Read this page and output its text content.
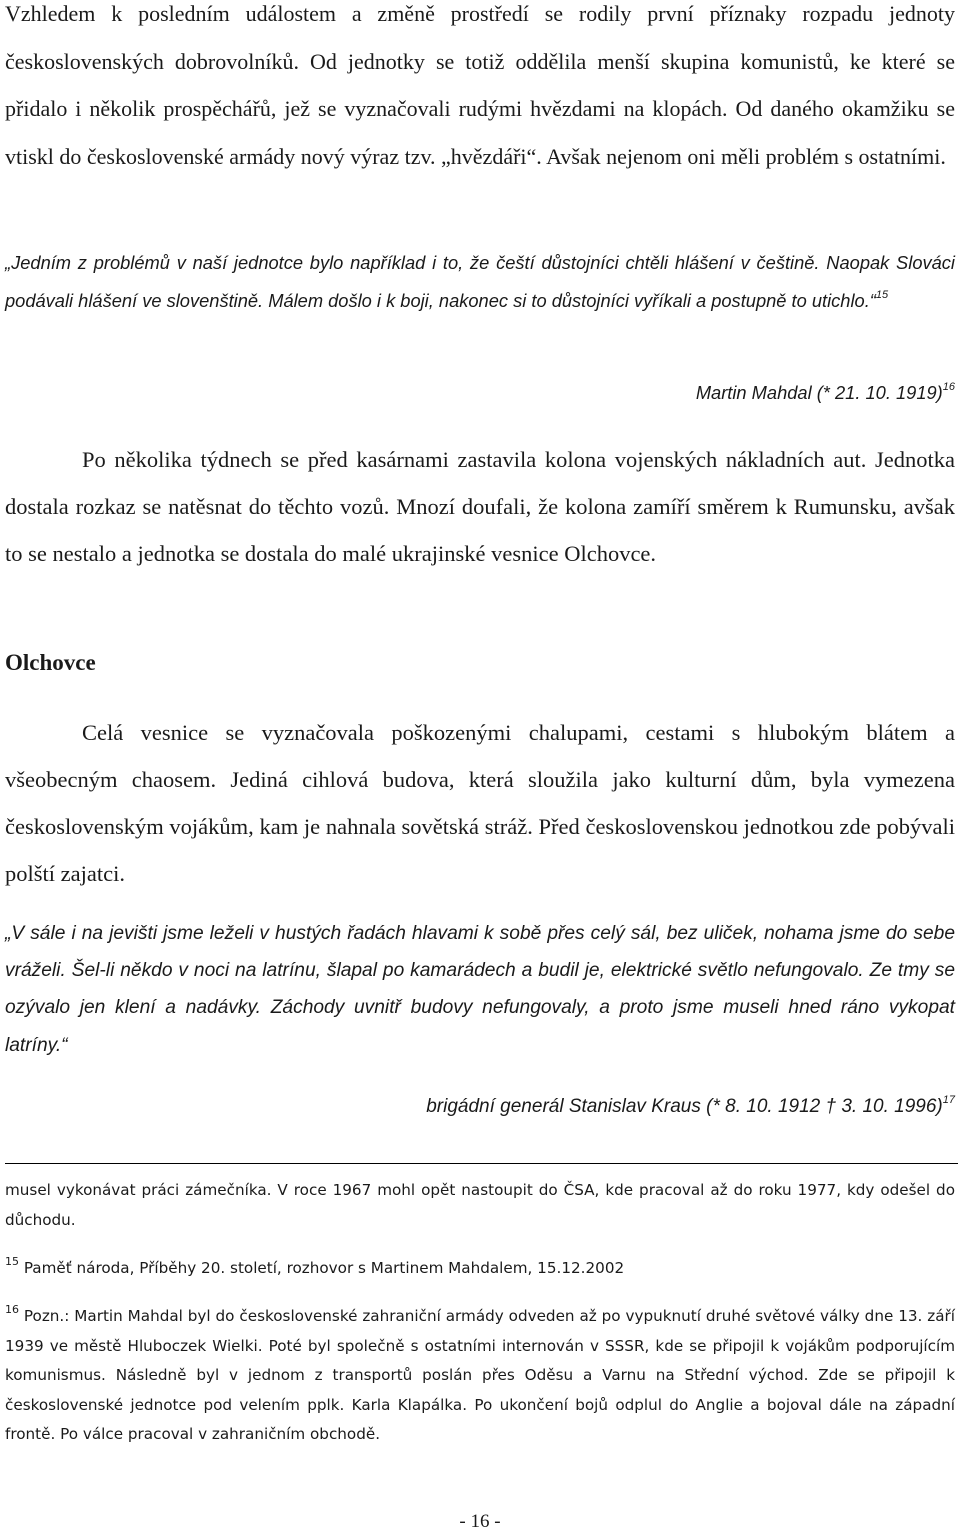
Vzhledem k posledním událostem a změně prostředí se rodily první příznaky rozpadu jednoty československých dobrovolníků. Od jednotky se totiž oddělila menší skupina komunistů, ke které se přidalo i několik prospěchářů, jež se vyznačovali rudými hvězdami na klopách. Od daného okamžiku se vtiskl do československé armády nový výraz tzv. „hvězdáři“. Avšak nejenom oni měli problém s ostatními.

„Jedním z problémů v naší jednotce bylo například i to, že čeští důstojníci chtěli hlášení v češtině. Naopak Slováci podávali hlášení ve slovenštině. Málem došlo i k boji, nakonec si to důstojníci vyříkali a postupně to utichlo.“$^{15}$

Martin Mahdal (* 21. 10. 1919)$^{16}$

Po několika týdnech se před kasárnami zastavila kolona vojenských nákladních aut. Jednotka dostala rozkaz se natěsnat do těchto vozů. Mnozí doufali, že kolona zamíří směrem k Rumunsku, avšak to se nestalo a jednotka se dostala do malé ukrajinské vesnice Olchovce.

Olchovce

Celá vesnice se vyznačovala poškozenými chalupami, cestami s hlubokým blátem a všeobecným chaosem. Jediná cihlová budova, která sloužila jako kulturní dům, byla vymezena československým vojákům, kam je nahnala sovětská stráž. Před československou jednotkou zde pobývali polští zajatci.

„V sále i na jevišti jsme leželi v hustých řadách hlavami k sobě přes celý sál, bez uliček, nohama jsme do sebe vráželi. Šel-li někdo v noci na latrínu, šlapal po kamarádech a budil je, elektrické světlo nefungovalo. Ze tmy se ozývalo jen klení a nadávky. Záchody uvnitř budovy nefungovaly, a proto jsme museli hned ráno vykopat latríny.“

brigádní generál Stanislav Kraus (* 8. 10. 1912 † 3. 10. 1996)$^{17}$

musel vykonávat práci zámečníka. V roce 1967 mohl opět nastoupit do ČSA, kde pracoval až do roku 1977, kdy odešel do důchodu.

$^{15}$ Paměť národa, Příběhy 20. století, rozhovor s Martinem Mahdalem, 15.12.2002

$^{16}$ Pozn.: Martin Mahdal byl do československé zahraniční armády odveden až po vypuknutí druhé světové války dne 13. září 1939 ve městě Hluboczek Wielki. Poté byl společně s ostatními internován v SSSR, kde se připojil k vojákům podporujícím komunismus. Následně byl v jednom z transportů poslán přes Oděsu a Varnu na Střední východ. Zde se připojil k československé jednotce pod velením pplk. Karla Klapálka. Po ukončení bojů odplul do Anglie a bojoval dále na západní frontě. Po válce pracoval v zahraničním obchodě.

- 16 -
